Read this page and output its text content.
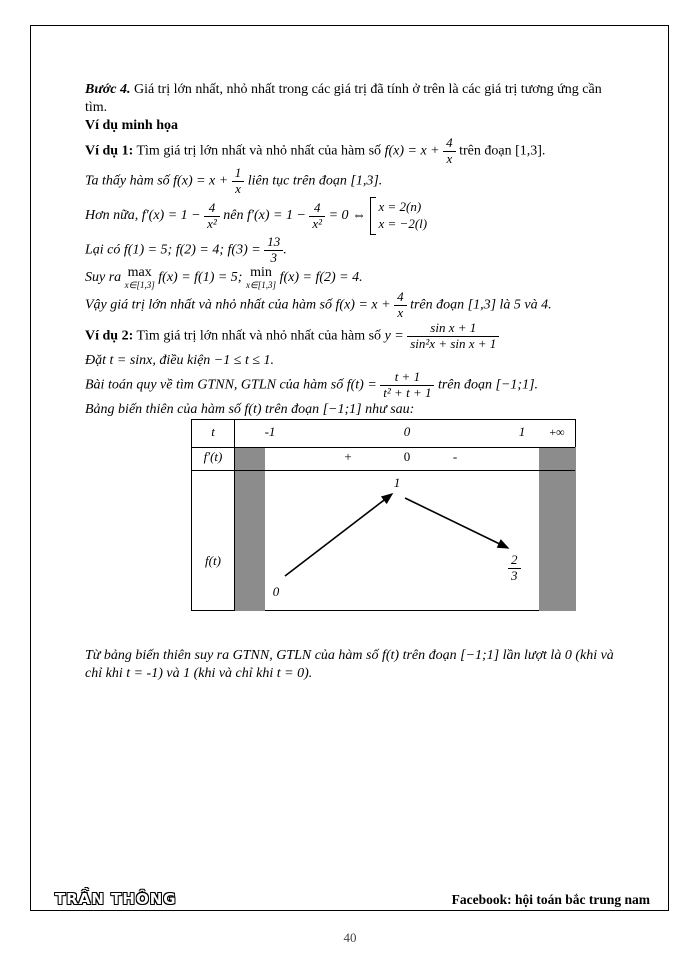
Bước 4. Giá trị lớn nhất, nhỏ nhất trong các giá trị đã tính ở trên là các giá trị tương ứng cần tìm.

Ví dụ minh họa

Ví dụ 1: Tìm giá trị lớn nhất và nhỏ nhất của hàm số $f(x) = x + \frac{4}{x}$ trên đoạn [1,3].

Ta thấy hàm số $f(x) = x + \frac{1}{x}$ liên tục trên đoạn [1,3].

Hơn nữa, $f'(x) = 1 - \frac{4}{\text{x²}}$ nên $f'(x) = 1 - \frac{4}{\text{x²}} = 0$ ⇔
x = 2(n)
x = −2(l)

Lại có f(1) = 5; f(2) = 4; $f(3) = \frac{13}{3}$ .

Suy ra max
x∈[1,3] f(x) = f(1) = 5; min
x∈[1,3] f(x) = f(2) = 4.

Vậy giá trị lớn nhất và nhỏ nhất của hàm số $f(x) = x + \frac{4}{x}$ trên đoạn [1,3] là 5 và 4.

Ví dụ 2: Tìm giá trị lớn nhất và nhỏ nhất của hàm số $y = \frac{\text{sin x + 1}}{\text{sin²x + sin x + 1}}$

Đặt t = sinx, điều kiện −1 ≤ t ≤ 1.

Bài toán quy về tìm GTNN, GTLN của hàm số $f(t) = \frac{t + 1}{\text{t² + t + 1}}$ trên đoạn [−1;1].

Bảng biến thiên của hàm số f(t) trên đoạn [−1;1] như sau:

t	-1	0	1	+∞
f′(t)	+	0	-
f(t)
0
1
$\frac{2}{3}$

Từ bảng biến thiên suy ra GTNN, GTLN của hàm số f(t) trên đoạn [−1;1] lần lượt là 0 (khi và chỉ khi t = -1) và 1 (khi và chỉ khi t = 0).

TRẦN THÔNG	Facebook: hội toán bắc trung nam
40
